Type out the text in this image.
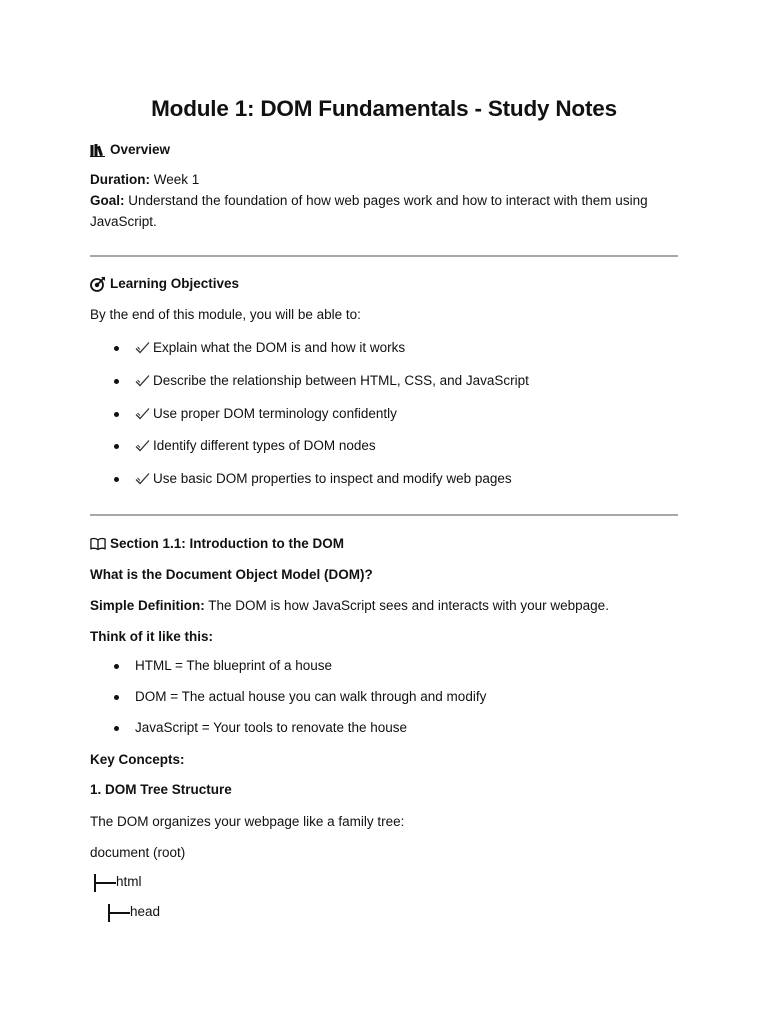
Module 1: DOM Fundamentals - Study Notes
Overview
Duration: Week 1
Goal: Understand the foundation of how web pages work and how to interact with them using JavaScript.
Learning Objectives
By the end of this module, you will be able to:
Explain what the DOM is and how it works
Describe the relationship between HTML, CSS, and JavaScript
Use proper DOM terminology confidently
Identify different types of DOM nodes
Use basic DOM properties to inspect and modify web pages
Section 1.1: Introduction to the DOM
What is the Document Object Model (DOM)?
Simple Definition: The DOM is how JavaScript sees and interacts with your webpage.
Think of it like this:
HTML = The blueprint of a house
DOM = The actual house you can walk through and modify
JavaScript = Your tools to renovate the house
Key Concepts:
1. DOM Tree Structure
The DOM organizes your webpage like a family tree:
document (root)
html
head
